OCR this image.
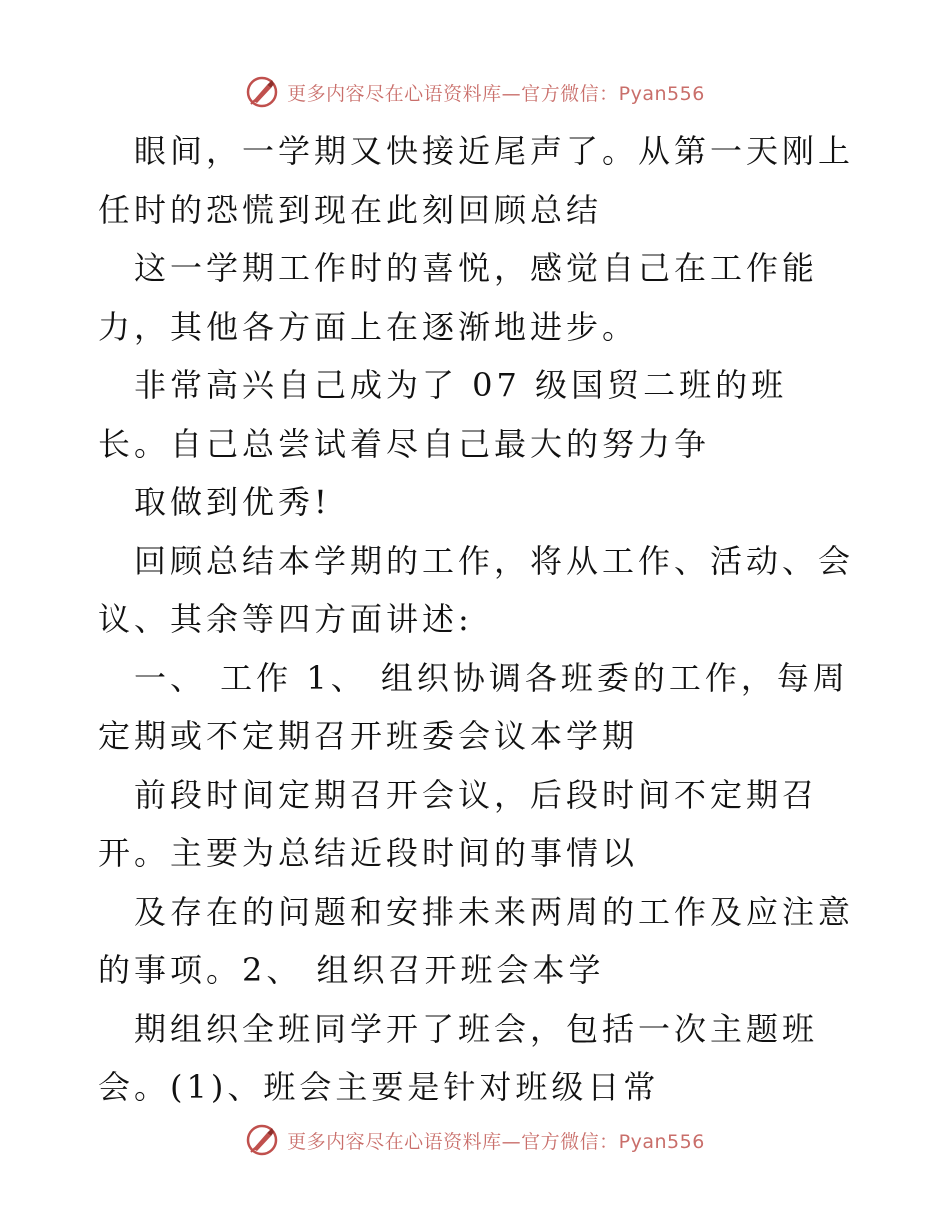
更多内容尽在心语资料库—官方微信：Pyan556

眼间，一学期又快接近尾声了。从第一天刚上任时的恐慌到现在此刻回顾总结

这一学期工作时的喜悦，感觉自己在工作能力，其他各方面上在逐渐地进步。

非常高兴自己成为了 07 级国贸二班的班长。自己总尝试着尽自己最大的努力争

取做到优秀!

回顾总结本学期的工作，将从工作、活动、会议、其余等四方面讲述:

一、 工作 1、 组织协调各班委的工作，每周定期或不定期召开班委会议本学期

前段时间定期召开会议，后段时间不定期召开。主要为总结近段时间的事情以

及存在的问题和安排未来两周的工作及应注意的事项。2、 组织召开班会本学

期组织全班同学开了班会，包括一次主题班会。(1)、班会主要是针对班级日常

更多内容尽在心语资料库—官方微信：Pyan556
